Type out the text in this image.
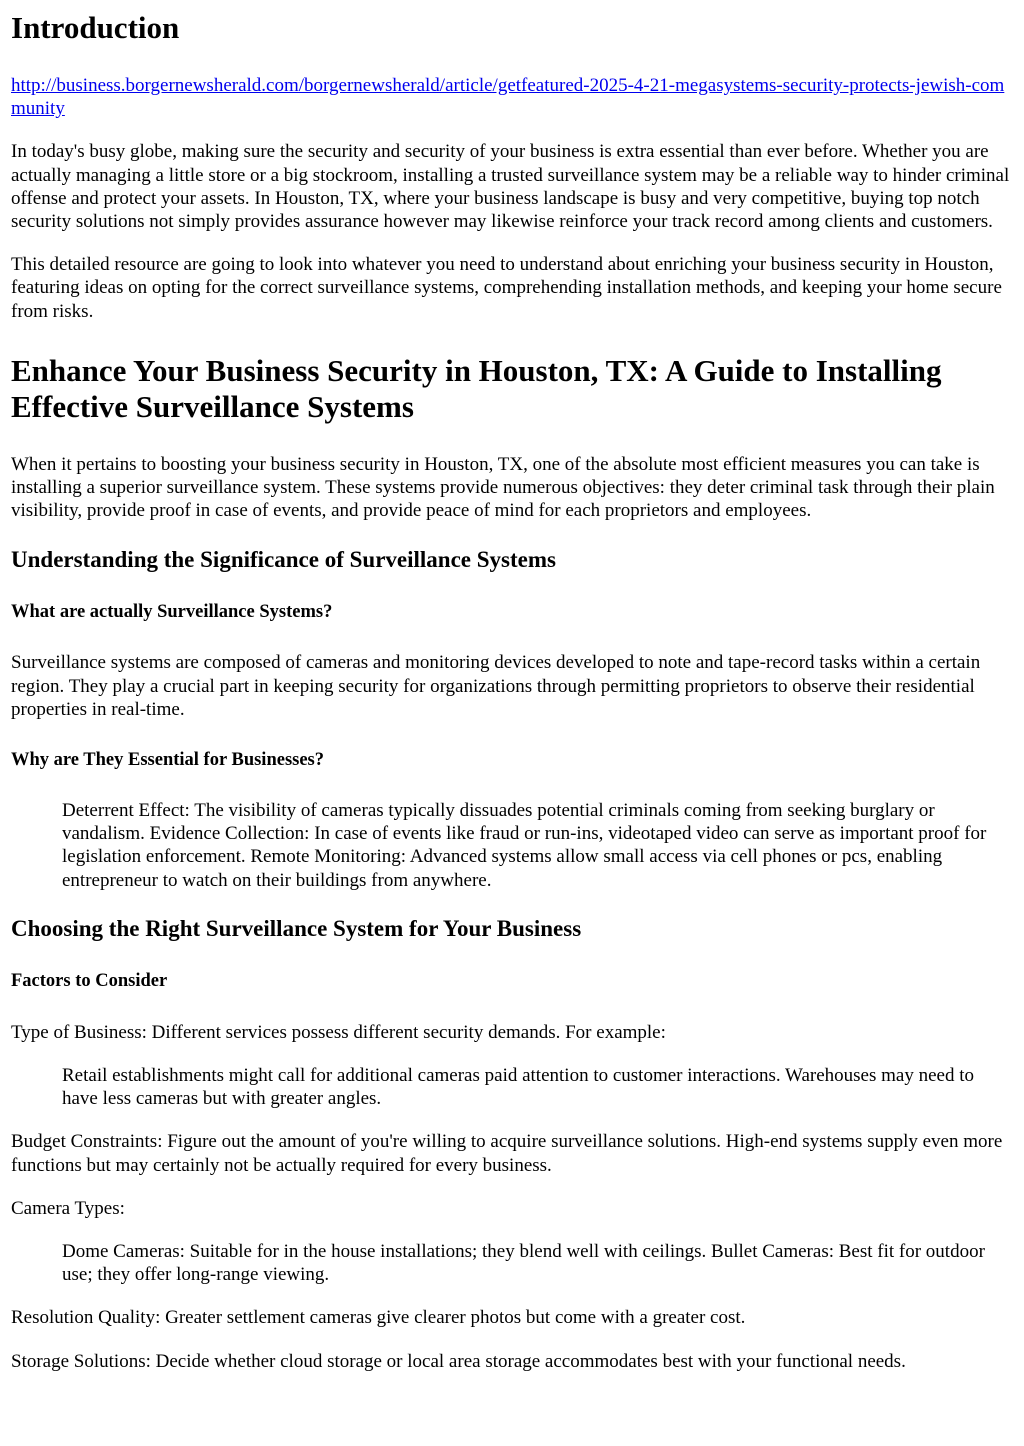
Introduction

http://business.borgernewsherald.com/borgernewsherald/article/getfeatured-2025-4-21-megasystems-security-protects-jewish-community

In today's busy globe, making sure the security and security of your business is extra essential than ever before. Whether you are actually managing a little store or a big stockroom, installing a trusted surveillance system may be a reliable way to hinder criminal offense and protect your assets. In Houston, TX, where your business landscape is busy and very competitive, buying top notch security solutions not simply provides assurance however may likewise reinforce your track record among clients and customers.

This detailed resource are going to look into whatever you need to understand about enriching your business security in Houston, featuring ideas on opting for the correct surveillance systems, comprehending installation methods, and keeping your home secure from risks.

Enhance Your Business Security in Houston, TX: A Guide to Installing Effective Surveillance Systems

When it pertains to boosting your business security in Houston, TX, one of the absolute most efficient measures you can take is installing a superior surveillance system. These systems provide numerous objectives: they deter criminal task through their plain visibility, provide proof in case of events, and provide peace of mind for each proprietors and employees.

Understanding the Significance of Surveillance Systems
What are actually Surveillance Systems?

Surveillance systems are composed of cameras and monitoring devices developed to note and tape-record tasks within a certain region. They play a crucial part in keeping security for organizations through permitting proprietors to observe their residential properties in real-time.

Why are They Essential for Businesses?
Deterrent Effect: The visibility of cameras typically dissuades potential criminals coming from seeking burglary or vandalism. Evidence Collection: In case of events like fraud or run-ins, videotaped video can serve as important proof for legislation enforcement. Remote Monitoring: Advanced systems allow small access via cell phones or pcs, enabling entrepreneur to watch on their buildings from anywhere.
Choosing the Right Surveillance System for Your Business
Factors to Consider

Type of Business: Different services possess different security demands. For example:

Retail establishments might call for additional cameras paid attention to customer interactions. Warehouses may need to have less cameras but with greater angles.

Budget Constraints: Figure out the amount of you're willing to acquire surveillance solutions. High-end systems supply even more functions but may certainly not be actually required for every business.

Camera Types:

Dome Cameras: Suitable for in the house installations; they blend well with ceilings. Bullet Cameras: Best fit for outdoor use; they offer long-range viewing.

Resolution Quality: Greater settlement cameras give clearer photos but come with a greater cost.

Storage Solutions: Decide whether cloud storage or local area storage accommodates best with your functional needs.
